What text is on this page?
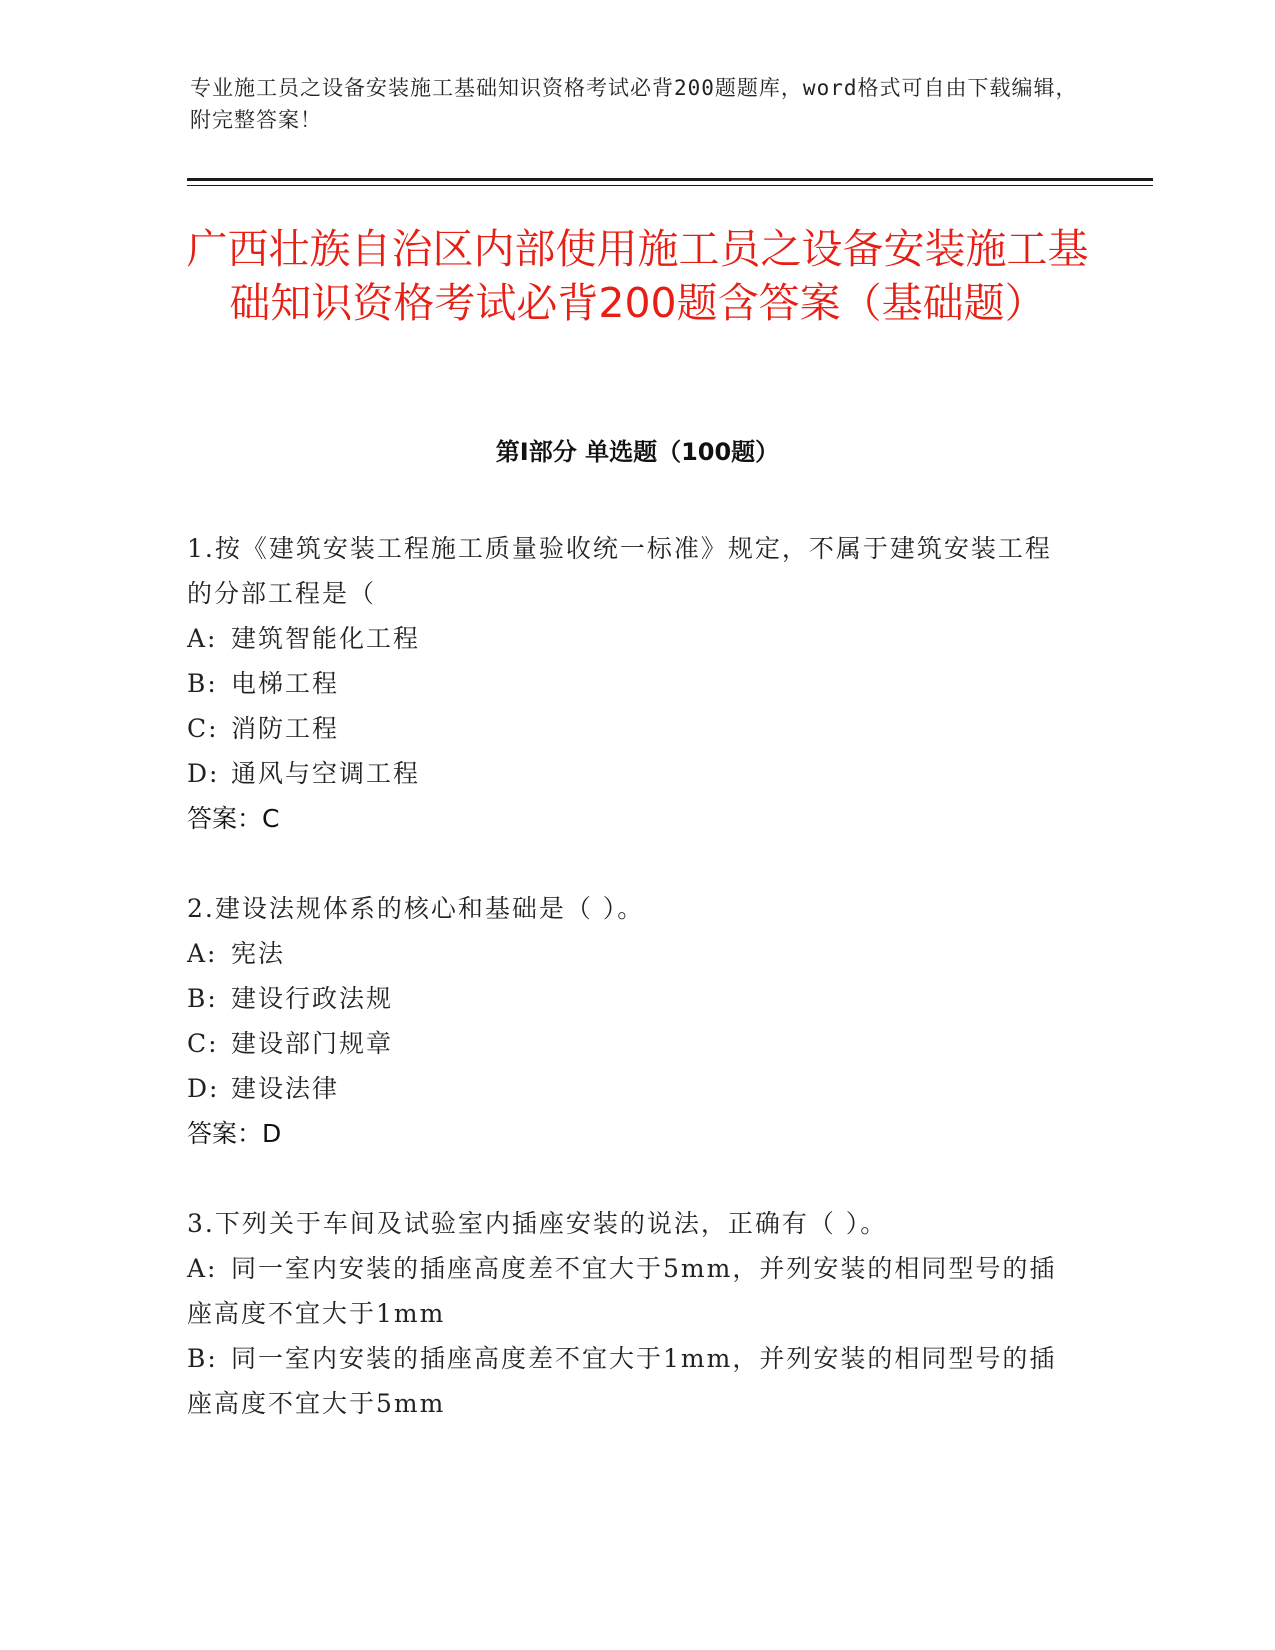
专业施工员之设备安装施工基础知识资格考试必背200题题库，word格式可自由下载编辑，附完整答案！
广西壮族自治区内部使用施工员之设备安装施工基础知识资格考试必背200题含答案（基础题）
第Ⅰ部分 单选题（100题）
1.按《建筑安装工程施工质量验收统一标准》规定，不属于建筑安装工程的分部工程是（
A: 建筑智能化工程
B: 电梯工程
C: 消防工程
D: 通风与空调工程
答案：C
2.建设法规体系的核心和基础是（ ）。
A: 宪法
B: 建设行政法规
C: 建设部门规章
D: 建设法律
答案：D
3.下列关于车间及试验室内插座安装的说法，正确有（ ）。
A: 同一室内安装的插座高度差不宜大于5mm，并列安装的相同型号的插座高度不宜大于1mm
B: 同一室内安装的插座高度差不宜大于1mm，并列安装的相同型号的插座高度不宜大于5mm
